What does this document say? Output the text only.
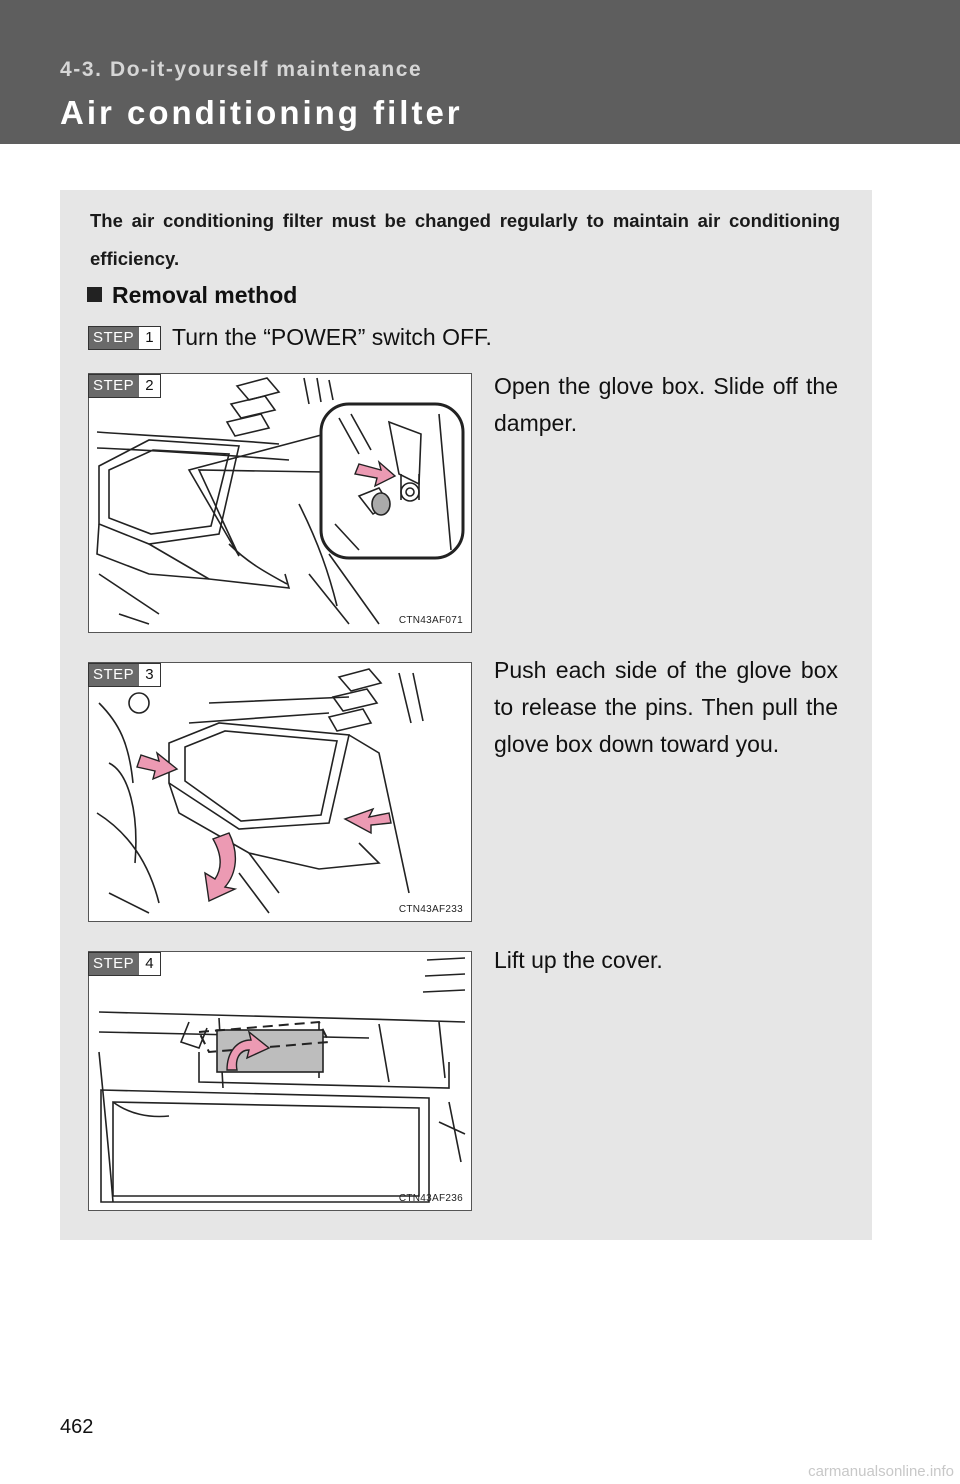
4-3. Do-it-yourself maintenance
Air conditioning filter
The air conditioning filter must be changed regularly to maintain air conditioning efficiency.
Removal method
STEP 1 Turn the “POWER” switch OFF.
CTN43AF071
STEP 2	Open the glove box. Slide off the damper.
CTN43AF233
STEP 3	Push each side of the glove box to release the pins. Then pull the glove box down toward you.
CTN43AF236
STEP 4	Lift up the cover.
462
carmanualsonline.info
